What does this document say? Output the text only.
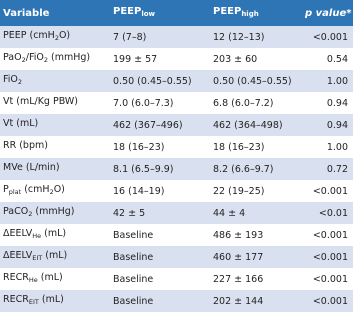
Variable	$PEEP_{low}$	$PEEP_{high}$	p value*
PEEP (cmH$_2$O)	7 (7–8)	12 (12–13)	<0.001
PaO$_2$/FiO$_2$ (mmHg)	199 ± 57	203 ± 60	0.54
FiO$_2$	0.50 (0.45–0.55)	0.50 (0.45–0.55)	1.00
Vt (mL/Kg PBW)	7.0 (6.0–7.3)	6.8 (6.0–7.2)	0.94
Vt (mL)	462 (367–496)	462 (364–498)	0.94
RR (bpm)	18 (16–23)	18 (16–23)	1.00
MVe (L/min)	8.1 (6.5–9.9)	8.2 (6.6–9.7)	0.72
$P_{plat}$ (cmH$_2$O)	16 (14–19)	22 (19–25)	<0.001
PaCO$_2$ (mmHg)	42 ± 5	44 ± 4	<0.01
$\Delta EELV_{He}$ (mL)	Baseline	486 ± 193	<0.001
$\Delta EELV_{EIT}$ (mL)	Baseline	460 ± 177	<0.001
$RECR_{He}$ (mL)	Baseline	227 ± 166	<0.001
$RECR_{EIT}$ (mL)	Baseline	202 ± 144	<0.001
